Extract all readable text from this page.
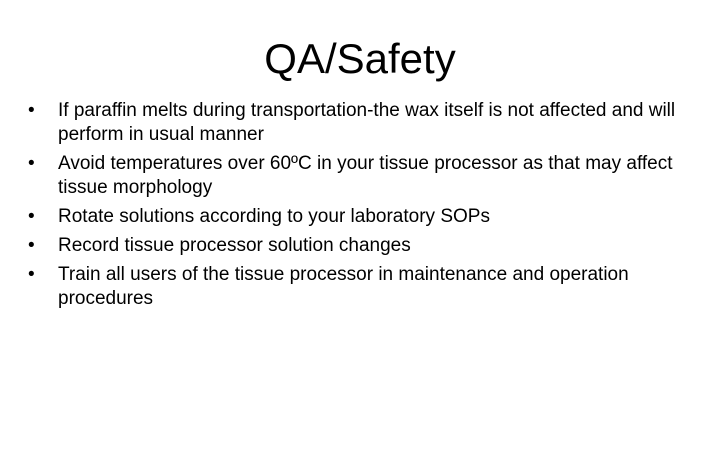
QA/Safety
•	If paraffin melts during transportation-the wax itself is not affected and will perform in usual manner
•	Avoid temperatures over 60ºC in your tissue processor as that may affect tissue morphology
•	Rotate solutions according to your laboratory SOPs
•	Record tissue processor solution changes
•	Train all users of the tissue processor in maintenance and operation procedures
